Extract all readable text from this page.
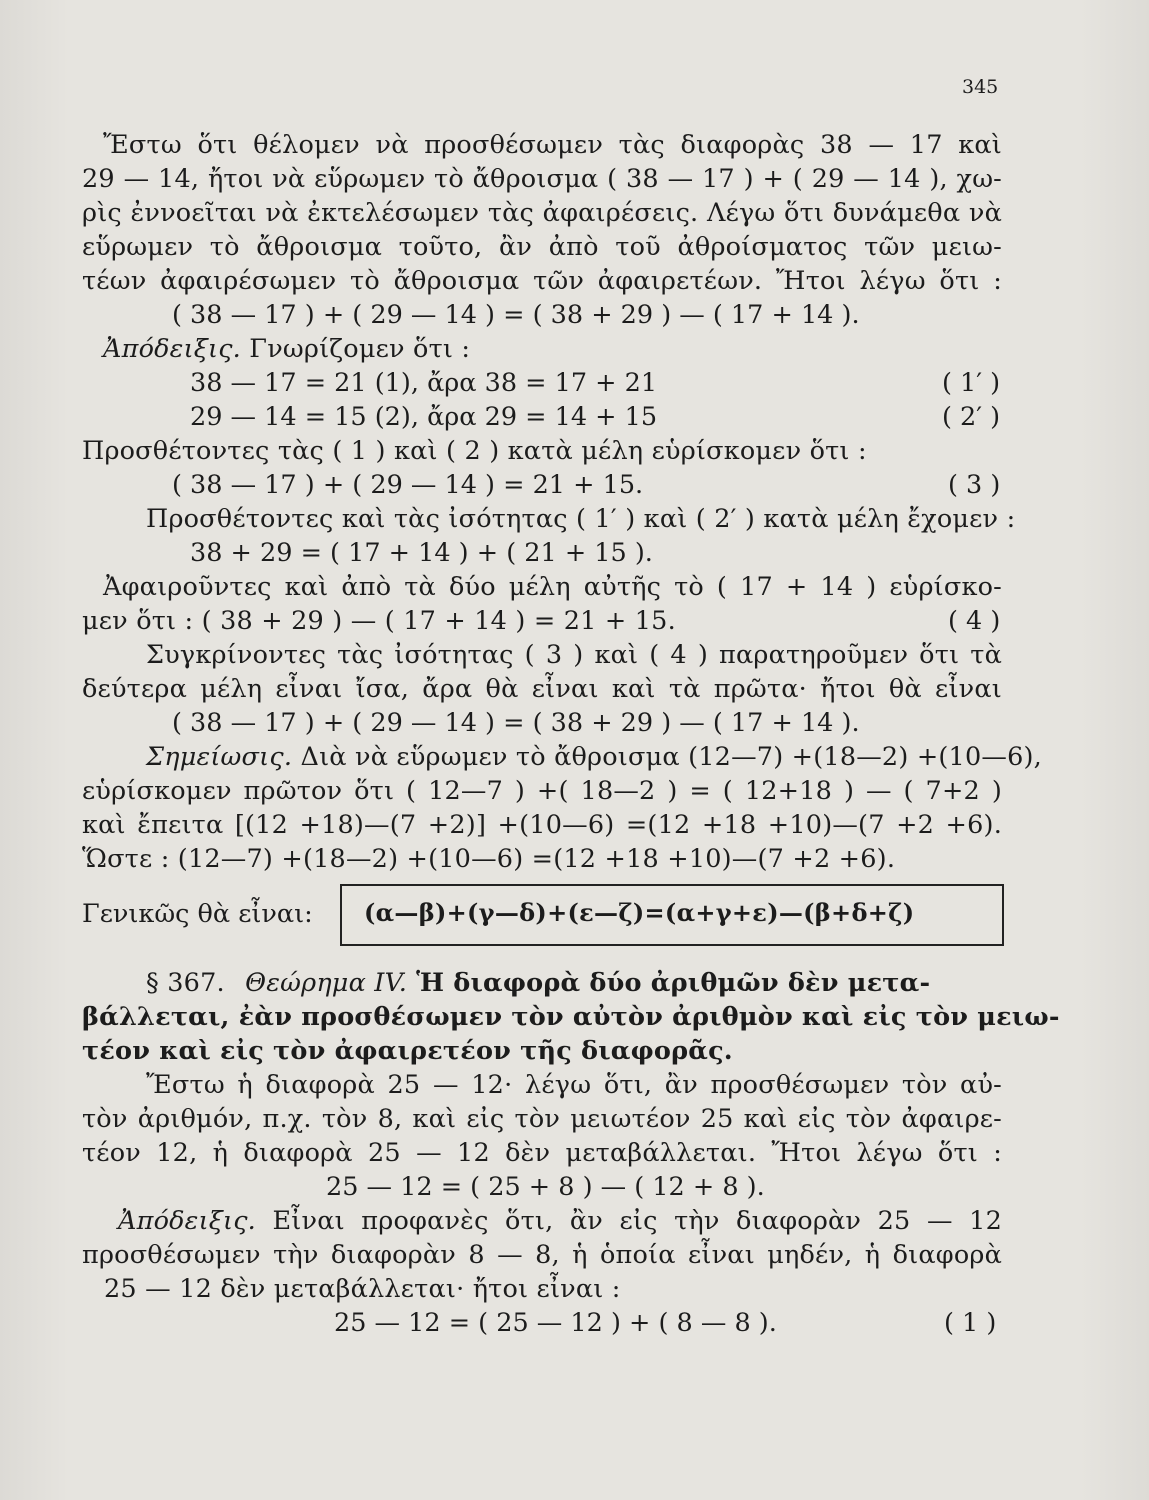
345
Ἔστω ὅτι θέλομεν νὰ προσθέσωμεν τὰς διαφορὰς 38 — 17 καὶ
29 — 14, ἤτοι νὰ εὕρωμεν τὸ ἄθροισμα ( 38 — 17 ) + ( 29 — 14 ), χω-
ρὶς ἐννοεῖται νὰ ἐκτελέσωμεν τὰς ἀφαιρέσεις. Λέγω ὅτι δυνάμεθα νὰ
εὕρωμεν τὸ ἄθροισμα τοῦτο, ἂν ἀπὸ τοῦ ἀθροίσματος τῶν μειω-
τέων ἀφαιρέσωμεν τὸ ἄθροισμα τῶν ἀφαιρετέων. Ἤτοι λέγω ὅτι :
( 38 — 17 ) + ( 29 — 14 ) = ( 38 + 29 ) — ( 17 + 14 ).
Ἀπόδειξις. Γνωρίζομεν ὅτι :
38 — 17 = 21 (1), ἄρα 38 = 17 + 21	( 1′ )
29 — 14 = 15 (2), ἄρα 29 = 14 + 15	( 2′ )
Προσθέτοντες τὰς ( 1 ) καὶ ( 2 ) κατὰ μέλη εὑρίσκομεν ὅτι :
( 38 — 17 ) + ( 29 — 14 ) = 21 + 15.	( 3 )
Προσθέτοντες καὶ τὰς ἰσότητας ( 1′ ) καὶ ( 2′ ) κατὰ μέλη ἔχομεν :
38 + 29 = ( 17 + 14 ) + ( 21 + 15 ).
Ἀφαιροῦντες καὶ ἀπὸ τὰ δύο μέλη αὐτῆς τὸ ( 17 + 14 ) εὑρίσκο-
μεν ὅτι : ( 38 + 29 ) — ( 17 + 14 ) = 21 + 15.	( 4 )
Συγκρίνοντες τὰς ἰσότητας ( 3 ) καὶ ( 4 ) παρατηροῦμεν ὅτι τὰ
δεύτερα μέλη εἶναι ἴσα, ἄρα θὰ εἶναι καὶ τὰ πρῶτα· ἤτοι θὰ εἶναι
( 38 — 17 ) + ( 29 — 14 ) = ( 38 + 29 ) — ( 17 + 14 ).
Σημείωσις. Διὰ νὰ εὕρωμεν τὸ ἄθροισμα (12—7) +(18—2) +(10—6),
εὑρίσκομεν πρῶτον ὅτι ( 12—7 ) +( 18—2 ) = ( 12+18 ) — ( 7+2 )
καὶ ἔπειτα [(12 +18)—(7 +2)] +(10—6) =(12 +18 +10)—(7 +2 +6).
Ὥστε : (12—7) +(18—2) +(10—6) =(12 +18 +10)—(7 +2 +6).
Γενικῶς θὰ εἶναι: (α—β)+(γ—δ)+(ε—ζ)=(α+γ+ε)—(β+δ+ζ)
§ 367. Θεώρημα IV. Ἡ διαφορὰ δύο ἀριθμῶν δὲν μετα-
βάλλεται, ἐὰν προσθέσωμεν τὸν αὐτὸν ἀριθμὸν καὶ εἰς τὸν μειω-
τέον καὶ εἰς τὸν ἀφαιρετέον τῆς διαφορᾶς.
Ἔστω ἡ διαφορὰ 25 — 12· λέγω ὅτι, ἂν προσθέσωμεν τὸν αὐ-
τὸν ἀριθμόν, π.χ. τὸν 8, καὶ εἰς τὸν μειωτέον 25 καὶ εἰς τὸν ἀφαιρε-
τέον 12, ἡ διαφορὰ 25 — 12 δὲν μεταβάλλεται. Ἤτοι λέγω ὅτι :
25 — 12 = ( 25 + 8 ) — ( 12 + 8 ).
Ἀπόδειξις. Εἶναι προφανὲς ὅτι, ἂν εἰς τὴν διαφορὰν 25 — 12
προσθέσωμεν τὴν διαφορὰν 8 — 8, ἡ ὁποία εἶναι μηδέν, ἡ διαφορὰ
25 — 12 δὲν μεταβάλλεται· ἤτοι εἶναι :
25 — 12 = ( 25 — 12 ) + ( 8 — 8 ).	( 1 )
